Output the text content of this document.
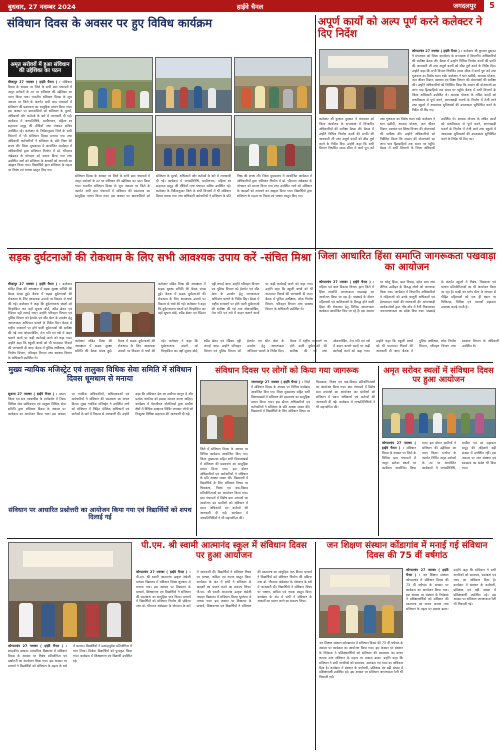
बुधवार, 27 नवम्बर 2024	हाईवे चैनल	जगदलपुर	5
संविधान दिवस के अवसर पर हुए विविध कार्यक्रम
अमृत सरोवरों में हुआ संविधान की उद्देशिका का पठन
बीजापुर 27 नवम्बर ( हाईवे चैनल ) : संविधान दिवस के अवसर पर जिले के सभी ग्राम पंचायतों में अमृत सरोवरों के तट पर संविधान की उद्देशिका का पठन किया गया। भारतीय संविधान दिवस के शुभ अवसर पर जिले के अंतर्गत सभी ग्राम पंचायतों में संविधान की प्रस्तावना का सामूहिक वाचन किया गया। इस अवसर पर ग्रामवासियों को संविधान के मूल्यों, अधिकारों और कर्तव्यों के बारे में जानकारी दी गई। कार्यक्रम में जनप्रतिनिधि, ग्रामीणजन, महिला स्व सहायता समूह की दीदियाँ तथा पंचायत सचिव उपस्थित रहे। कलेक्टर के निर्देशानुसार जिले के सभी विभागों में भी संविधान दिवस मनाया गया तथा अधिकारी कर्मचारियों ने संविधान के प्रति निष्ठा की शपथ ली। जिला मुख्यालय में आयोजित कार्यक्रम में अधिकारियों द्वारा संविधान निर्माण में डॉ. भीमराव अंबेडकर के योगदान को स्मरण किया गया तथा उपस्थित जनों को संविधान के आदर्शों को अपनाने का आह्वान किया गया। विद्यार्थियों द्वारा संविधान के महत्व पर निबंध एवं भाषण प्रस्तुत किए गए।
संविधान दिवस के अवसर पर जिले के सभी ग्राम पंचायतों में अमृत सरोवरों के तट पर संविधान की उद्देशिका का पठन किया गया। भारतीय संविधान दिवस के शुभ अवसर पर जिले के अंतर्गत सभी ग्राम पंचायतों में संविधान की प्रस्तावना का सामूहिक वाचन किया गया। इस अवसर पर ग्रामवासियों को संविधान के मूल्यों, अधिकारों और कर्तव्यों के बारे में जानकारी दी गई। कार्यक्रम में जनप्रतिनिधि, ग्रामीणजन, महिला स्व सहायता समूह की दीदियाँ तथा पंचायत सचिव उपस्थित रहे। कलेक्टर के निर्देशानुसार जिले के सभी विभागों में भी संविधान दिवस मनाया गया तथा अधिकारी कर्मचारियों ने संविधान के प्रति निष्ठा की शपथ ली। जिला मुख्यालय में आयोजित कार्यक्रम में अधिकारियों द्वारा संविधान निर्माण में डॉ. भीमराव अंबेडकर के योगदान को स्मरण किया गया तथा उपस्थित जनों को संविधान के आदर्शों को अपनाने का आह्वान किया गया। विद्यार्थियों द्वारा संविधान के महत्व पर निबंध एवं भाषण प्रस्तुत किए गए।
अपूर्ण कार्यों को अल्प पूर्ण करने कलेक्टर ने दिए निर्देश
कोण्डागांव 27 नवम्बर ( हाईवे चैनल ) : कलेक्टर श्री कुणाल दुदावत ने मंगलवार को जिला कार्यालय के सभाकक्ष में विभागीय अधिकारियों की समीक्षा बैठक ली। बैठक में उन्होंने विभिन्न निर्माण कार्यों की प्रगति की जानकारी ली तथा अपूर्ण कार्यों को शीघ्र पूर्ण करने के निर्देश दिए। उन्होंने कहा कि सभी विभाग निर्धारित समय सीमा में कार्य पूरा करें तथा गुणवत्ता का विशेष ध्यान रखें। कलेक्टर ने धान खरीदी, आवास योजना, जल जीवन मिशन, स्वास्थ्य एवं शिक्षा विभाग की योजनाओं की समीक्षा की। उन्होंने अधिकारियों को निर्देशित किया कि शासन की योजनाओं का लाभ पात्र हितग्राहियों तक समय पर पहुँचे। बैठक में सभी विभागों के जिला अधिकारी उपस्थित थे। आवास योजना के लंबित कार्यों को प्राथमिकता से पूर्ण करने, आंगनबाड़ी भवनों के निर्माण में तेजी लाने तथा स्कूलों में आवश्यक सुविधाओं की उपलब्धता सुनिश्चित करने के निर्देश भी दिए गए।
कलेक्टर श्री कुणाल दुदावत ने मंगलवार को जिला कार्यालय के सभाकक्ष में विभागीय अधिकारियों की समीक्षा बैठक ली। बैठक में उन्होंने विभिन्न निर्माण कार्यों की प्रगति की जानकारी ली तथा अपूर्ण कार्यों को शीघ्र पूर्ण करने के निर्देश दिए। उन्होंने कहा कि सभी विभाग निर्धारित समय सीमा में कार्य पूरा करें तथा गुणवत्ता का विशेष ध्यान रखें। कलेक्टर ने धान खरीदी, आवास योजना, जल जीवन मिशन, स्वास्थ्य एवं शिक्षा विभाग की योजनाओं की समीक्षा की। उन्होंने अधिकारियों को निर्देशित किया कि शासन की योजनाओं का लाभ पात्र हितग्राहियों तक समय पर पहुँचे। बैठक में सभी विभागों के जिला अधिकारी उपस्थित थे। आवास योजना के लंबित कार्यों को प्राथमिकता से पूर्ण करने, आंगनबाड़ी भवनों के निर्माण में तेजी लाने तथा स्कूलों में आवश्यक सुविधाओं की उपलब्धता सुनिश्चित करने के निर्देश भी दिए गए।
सड़क दुर्घटनाओं की रोकथाम के लिए सभी आवश्यक उपाय करें -संचित मिश्रा
बीजापुर 27 नवम्बर ( हाईवे चैनल ) : कलेक्टर संबित मिश्रा की अध्यक्षता में सड़क सुरक्षा समिति की बैठक संपन्न हुई। बैठक में सड़क दुर्घटनाओं की रोकथाम के लिए आवश्यक उपायों पर विस्तार से चर्चा की गई। कलेक्टर ने कहा कि दुर्घटनाजन्य स्थलों को चिन्हांकित कर वहाँ सूचना बोर्ड, स्पीड ब्रेकर एवं रेडियम पट्टी लगाई जाए। उन्होंने परिवहन विभाग एवं पुलिस विभाग को हेलमेट एवं सीट बेल्ट के उपयोग हेतु जागरूकता अभियान चलाने के निर्देश दिए। बैठक में राष्ट्रीय राजमार्ग पर होने वाली दुर्घटनाओं की समीक्षा की गई तथा ओवरलोडिंग, तेज गति एवं नशे में वाहन चलाने वालों पर कड़ी कार्रवाई करने को कहा गया। उन्होंने कहा कि स्कूली बच्चों को भी यातायात नियमों की जानकारी दी जाए। बैठक में पुलिस अधीक्षक, लोक निर्माण विभाग, परिवहन विभाग तथा स्वास्थ्य विभाग के अधिकारी उपस्थित थे।
कलेक्टर संबित मिश्रा की अध्यक्षता में सड़क सुरक्षा समिति की बैठक संपन्न हुई। बैठक में सड़क दुर्घटनाओं की रोकथाम के लिए आवश्यक उपायों पर विस्तार से चर्चा की गई। कलेक्टर ने कहा कि दुर्घटनाजन्य स्थलों को चिन्हांकित कर वहाँ सूचना बोर्ड, स्पीड ब्रेकर एवं रेडियम पट्टी लगाई जाए। उन्होंने परिवहन विभाग एवं पुलिस विभाग को हेलमेट एवं सीट बेल्ट के उपयोग हेतु जागरूकता अभियान चलाने के निर्देश दिए। बैठक में राष्ट्रीय राजमार्ग पर होने वाली दुर्घटनाओं की समीक्षा की गई तथा ओवरलोडिंग, तेज गति एवं नशे में वाहन चलाने वालों पर कड़ी कार्रवाई करने को कहा गया। उन्होंने कहा कि स्कूली बच्चों को भी यातायात नियमों की जानकारी दी जाए। बैठक में पुलिस अधीक्षक, लोक निर्माण विभाग, परिवहन विभाग तथा स्वास्थ्य विभाग के अधिकारी उपस्थित थे।
कलेक्टर संबित मिश्रा की अध्यक्षता में सड़क सुरक्षा समिति की बैठक संपन्न हुई। बैठक में सड़क दुर्घटनाओं की रोकथाम के लिए आवश्यक उपायों पर विस्तार से चर्चा की गई। कलेक्टर ने कहा कि दुर्घटनाजन्य स्थलों को चिन्हांकित कर वहाँ सूचना बोर्ड, स्पीड ब्रेकर एवं रेडियम पट्टी लगाई जाए। उन्होंने परिवहन विभाग एवं पुलिस विभाग को हेलमेट एवं सीट बेल्ट के उपयोग हेतु जागरूकता अभियान चलाने के निर्देश दिए। बैठक में राष्ट्रीय राजमार्ग पर होने वाली दुर्घटनाओं की समीक्षा की गई तथा ओवरलोडिंग, तेज गति एवं नशे में वाहन चलाने वालों पर कड़ी कार्रवाई करने को कहा गया। उन्होंने कहा कि स्कूली बच्चों को भी यातायात नियमों की जानकारी दी जाए। बैठक में पुलिस अधीक्षक, लोक निर्माण विभाग, परिवहन विभाग तथा स्वास्थ्य विभाग के अधिकारी उपस्थित थे।
जिला आधारित हिंसा समाप्ति जागरूकता पखवाड़ा का आयोजन
कोण्डागांव 27 नवम्बर ( हाईवे चैनल ) : महिला एवं बाल विकास विभाग द्वारा जिले में हिंसा समाप्ति जागरूकता पखवाड़ा का आयोजन किया जा रहा है। पखवाड़े के दौरान महिलाओं एवं बालिकाओं के विरुद्ध होने वाली हिंसा की रोकथाम हेतु विभिन्न जागरूकता कार्यक्रम आयोजित किए जा रहे हैं। इस अवसर पर घरेलू हिंसा, बाल विवाह, दहेज प्रथा तथा लैंगिक उत्पीड़न के विरुद्ध लोगों को जागरूक किया गया। कार्यक्रम में विभागीय अधिकारियों ने महिलाओं को उनके कानूनी अधिकारों एवं हेल्पलाइन नंबरों की जानकारी दी। आंगनबाड़ी कार्यकर्ताओं द्वारा गाँव-गाँव में रैली निकालकर जनजागरूकता का संदेश दिया गया। पखवाड़े के अंतर्गत स्कूलों में निबंध, चित्रकला एवं भाषण प्रतियोगिताओं का भी आयोजन किया जा रहा है। सखी वन स्टॉप सेंटर के माध्यम से पीड़ित महिलाओं को एक ही स्थान पर चिकित्सा, विधिक एवं परामर्श सहायता उपलब्ध कराई जाती है।
मुख्य न्यायिक मजिस्ट्रेट एवं तालुका विधिक सेवा समिति में संविधान दिवस धूमधाम से मनाया
सुकमा 27 नवम्बर ( हाईवे चैनल ) : प्रधान जिला एवं सत्र न्यायाधीश के मार्गदर्शन में जिला विधिक सेवा प्राधिकरण एवं तालुका विधिक सेवा समिति द्वारा संविधान दिवस के अवसर पर कार्यक्रम का आयोजन किया गया। इस अवसर पर न्यायिक अधिकारियों, अधिवक्ताओं एवं कर्मचारियों ने संविधान की प्रस्तावना का वाचन किया। मुख्य न्यायिक मजिस्ट्रेट ने उपस्थित जनों को संविधान में निहित मौलिक अधिकारों एवं कर्तव्यों के बारे में विस्तार से जानकारी दी। उन्होंने कहा कि संविधान देश का सर्वोच्च कानून है और प्रत्येक नागरिक को इसका सम्मान करना चाहिए। कार्यक्रम में पैरालीगल वॉलंटियर्स द्वारा ग्रामीण क्षेत्रों में विधिक साक्षरता शिविर लगाकर लोगों को निःशुल्क विधिक सहायता की जानकारी दी गई।
संविधान दिवस पर लोगों को किया गया जागरूक
नारायणपुर 27 नवम्बर ( हाईवे चैनल ) : जिले में संविधान दिवस के अवसर पर विभिन्न कार्यक्रम आयोजित किए गए। जिला मुख्यालय सहित सभी विकासखंडों में संविधान की प्रस्तावना का सामूहिक वाचन किया गया। इस दौरान अधिकारियों एवं कर्मचारियों ने संविधान के प्रति आस्था व्यक्त की। विद्यालयों में विद्यार्थियों के लिए संविधान विषय पर चित्रकला, निबंध एवं वाद-विवाद प्रतियोगिताओं का आयोजन किया गया। ग्राम पंचायतों में विशेष ग्राम सभाओं का आयोजन कर ग्रामीणों को संविधान में प्रदत्त अधिकारों एवं कर्तव्यों की जानकारी दी गई। कार्यक्रम में जनप्रतिनिधियों ने भी सहभागिता की।
जिले में संविधान दिवस के अवसर पर विभिन्न कार्यक्रम आयोजित किए गए। जिला मुख्यालय सहित सभी विकासखंडों में संविधान की प्रस्तावना का सामूहिक वाचन किया गया। इस दौरान अधिकारियों एवं कर्मचारियों ने संविधान के प्रति आस्था व्यक्त की। विद्यालयों में विद्यार्थियों के लिए संविधान विषय पर चित्रकला, निबंध एवं वाद-विवाद प्रतियोगिताओं का आयोजन किया गया। ग्राम पंचायतों में विशेष ग्राम सभाओं का आयोजन कर ग्रामीणों को संविधान में प्रदत्त अधिकारों एवं कर्तव्यों की जानकारी दी गई। कार्यक्रम में जनप्रतिनिधियों ने भी सहभागिता की।
अमृत सरोवर स्थलों में संविधान दिवस पर हुआ आयोजन
कोण्डागांव 27 नवम्बर ( हाईवे चैनल ) : संविधान दिवस के अवसर पर जिले के विभिन्न ग्राम पंचायतों में अमृत सरोवर स्थलों पर कार्यक्रम आयोजित किया गया। इस दौरान ग्रामीणों ने संविधान की उद्देशिका का पठन किया। मनरेगा के अंतर्गत निर्मित अमृत सरोवरों के तट पर आयोजित कार्यक्रमों में जनप्रतिनिधि, ग्रामीण एवं स्व सहायता समूह की महिलाएँ बड़ी संख्या में उपस्थित रहीं। इस अवसर पर जल संरक्षण एवं स्वच्छता का संदेश भी दिया गया।
संविधान पर आधारित प्रश्नोत्तरी का आयोजन किया गया एवं विद्यार्थियों को शपथ दिलाई गई
कोण्डागांव 27 नवम्बर ( हाईवे चैनल ) : शासकीय उच्चतर माध्यमिक विद्यालय में संविधान दिवस के अवसर पर निबंध प्रतियोगिता एवं प्रश्नोत्तरी का आयोजन किया गया। इस अवसर पर प्राचार्य ने विद्यार्थियों को संविधान के महत्व के बारे में बताया। विद्यार्थियों ने उत्साहपूर्वक प्रतियोगिता में भाग लिया। विजेता विद्यार्थियों को पुरस्कृत किया गया। कार्यक्रम में शिक्षकगण एवं विद्यार्थी उपस्थित रहे।
पी.एम. श्री स्वामी आत्मानंद स्कूल में संविधान दिवस पर हुआ आयोजन
कोण्डागांव 27 नवम्बर ( हाईवे चैनल ) : पी.एम. श्री स्वामी आत्मानंद उत्कृष्ट अंग्रेजी माध्यम विद्यालय में संविधान दिवस धूमधाम से मनाया गया। इस अवसर पर विद्यालय के प्राचार्य, शिक्षकगण एवं विद्यार्थियों ने संविधान की प्रस्तावना का सामूहिक पाठ किया। प्राचार्य ने विद्यार्थियों को संविधान निर्माण की प्रक्रिया तथा डॉ. भीमराव अंबेडकर के योगदान के बारे में जानकारी दी। विद्यार्थियों ने संविधान विषय पर भाषण, कविता एवं नाटक प्रस्तुत किए। कार्यक्रम के अंत में सभी ने संविधान के आदर्शों का पालन करने का संकल्प लिया। पी.एम. श्री स्वामी आत्मानंद उत्कृष्ट अंग्रेजी माध्यम विद्यालय में संविधान दिवस धूमधाम से मनाया गया। इस अवसर पर विद्यालय के प्राचार्य, शिक्षकगण एवं विद्यार्थियों ने संविधान की प्रस्तावना का सामूहिक पाठ किया। प्राचार्य ने विद्यार्थियों को संविधान निर्माण की प्रक्रिया तथा डॉ. भीमराव अंबेडकर के योगदान के बारे में जानकारी दी। विद्यार्थियों ने संविधान विषय पर भाषण, कविता एवं नाटक प्रस्तुत किए। कार्यक्रम के अंत में सभी ने संविधान के आदर्शों का पालन करने का संकल्प लिया।
जन शिक्षण संस्थान कोंडागांव में मनाई गई संविधान दिवस की 75 वीं वर्षगांठ
कोण्डागांव 27 नवम्बर ( हाईवे चैनल ) : जन शिक्षण संस्थान कोण्डागांव में संविधान दिवस की 75 वीं वर्षगांठ के अवसर पर कार्यक्रम का आयोजन किया गया। इस अवसर पर संस्थान के निदेशक ने प्रशिक्षणार्थियों को संविधान की प्रस्तावना का वाचन कराया तथा संविधान के महत्व पर प्रकाश डाला। उन्होंने कहा कि संविधान ने सभी नागरिकों को समानता, स्वतंत्रता एवं न्याय का अधिकार दिया है। कार्यक्रम में संस्थान के कर्मचारी, प्रशिक्षक एवं बड़ी संख्या में प्रशिक्षणार्थी उपस्थित रहे। इस अवसर पर संविधान जागरूकता रैली भी निकाली गई।
जन शिक्षण संस्थान कोण्डागांव में संविधान दिवस की 75 वीं वर्षगांठ के अवसर पर कार्यक्रम का आयोजन किया गया। इस अवसर पर संस्थान के निदेशक ने प्रशिक्षणार्थियों को संविधान की प्रस्तावना का वाचन कराया तथा संविधान के महत्व पर प्रकाश डाला। उन्होंने कहा कि संविधान ने सभी नागरिकों को समानता, स्वतंत्रता एवं न्याय का अधिकार दिया है। कार्यक्रम में संस्थान के कर्मचारी, प्रशिक्षक एवं बड़ी संख्या में प्रशिक्षणार्थी उपस्थित रहे। इस अवसर पर संविधान जागरूकता रैली भी निकाली गई।
